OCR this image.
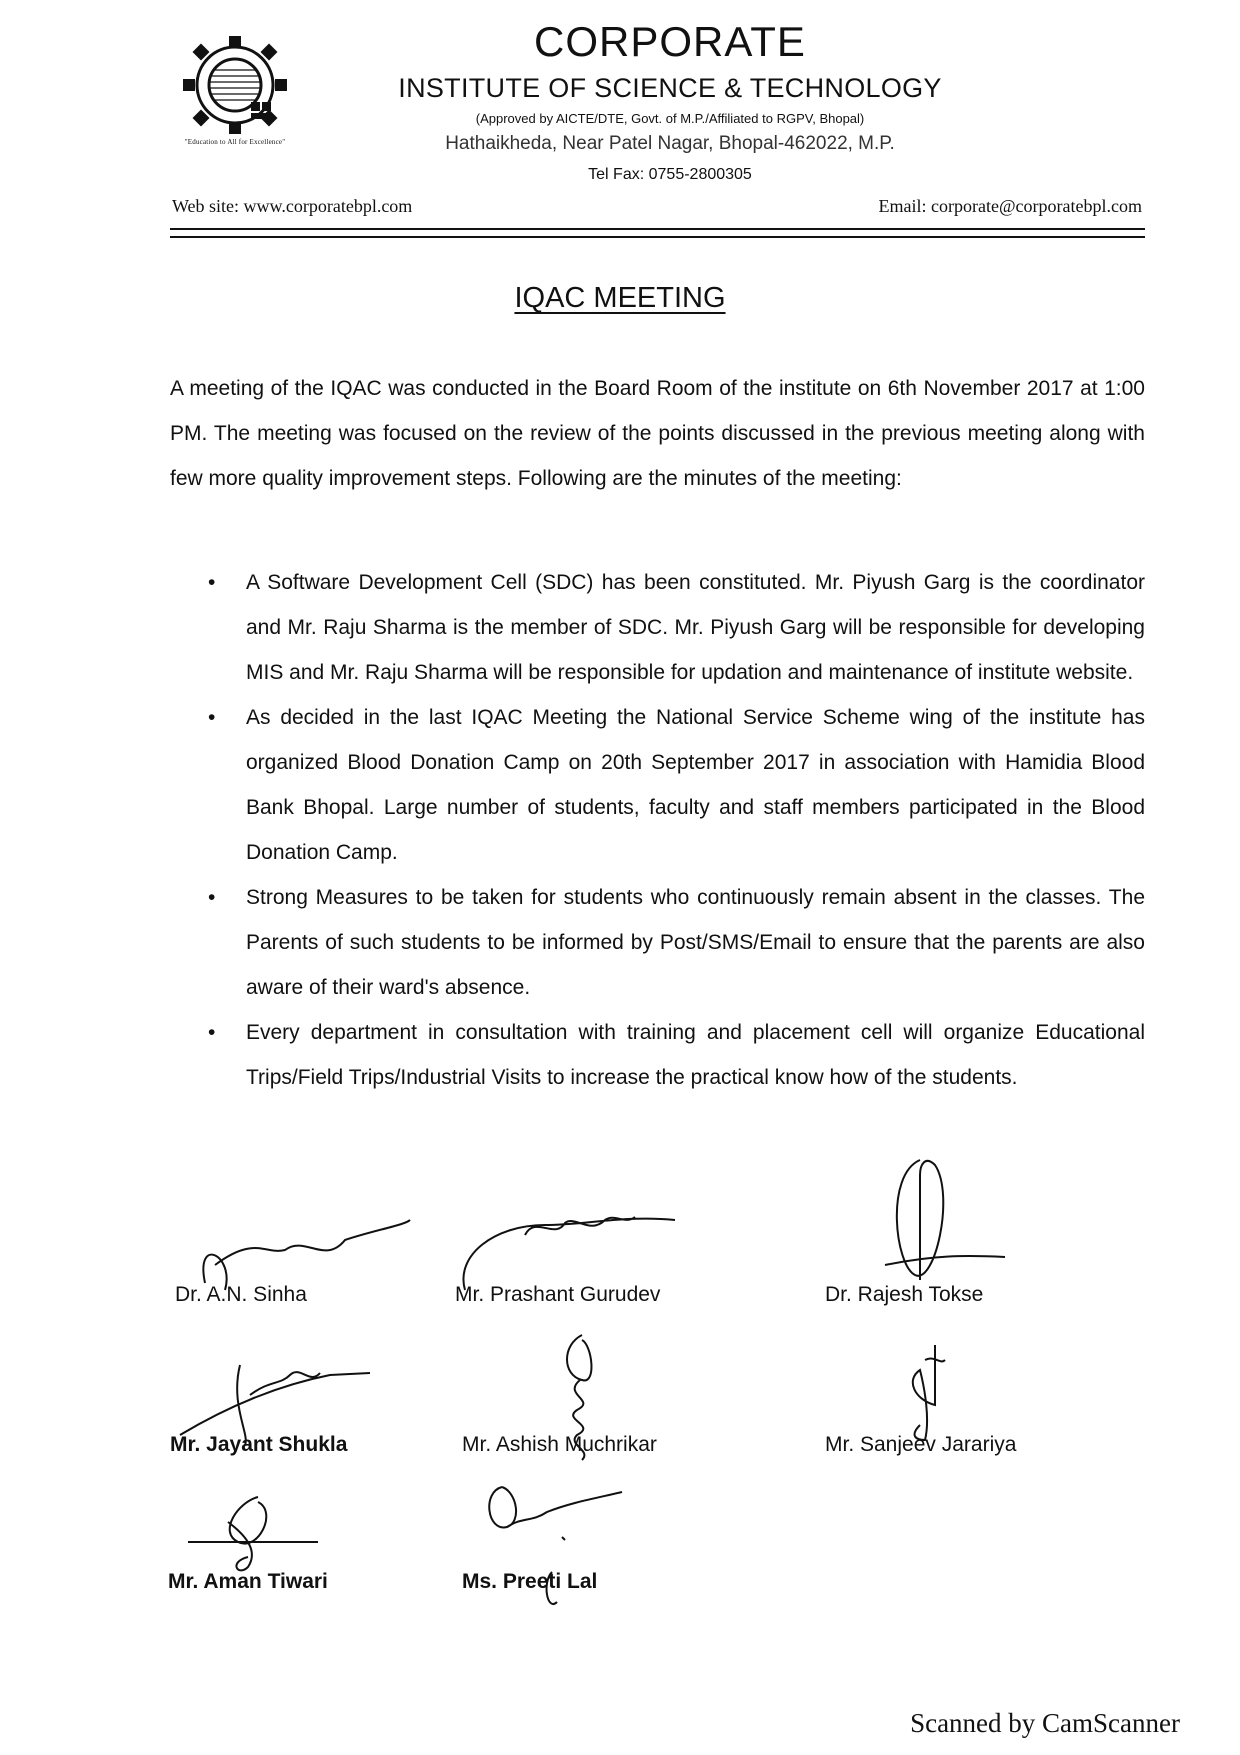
"Education to All for Excellence"
CORPORATE
INSTITUTE OF SCIENCE & TECHNOLOGY
(Approved by AICTE/DTE, Govt. of M.P./Affiliated to RGPV, Bhopal)
Hathaikheda, Near Patel Nagar, Bhopal-462022, M.P.
Tel Fax: 0755-2800305
Web site: www.corporatebpl.com	Email: corporate@corporatebpl.com
IQAC MEETING

A meeting of the IQAC was conducted in the Board Room of the institute on 6th November 2017 at 1:00 PM. The meeting was focused on the review of the points discussed in the previous meeting along with few more quality improvement steps. Following are the minutes of the meeting:

• A Software Development Cell (SDC) has been constituted. Mr. Piyush Garg is the coordinator and Mr. Raju Sharma is the member of SDC. Mr. Piyush Garg will be responsible for developing MIS and Mr. Raju Sharma will be responsible for updation and maintenance of institute website.
• As decided in the last IQAC Meeting the National Service Scheme wing of the institute has organized Blood Donation Camp on 20th September 2017 in association with Hamidia Blood Bank Bhopal. Large number of students, faculty and staff members participated in the Blood Donation Camp.
• Strong Measures to be taken for students who continuously remain absent in the classes. The Parents of such students to be informed by Post/SMS/Email to ensure that the parents are also aware of their ward's absence.
• Every department in consultation with training and placement cell will organize Educational Trips/Field Trips/Industrial Visits to increase the practical know how of the students.
Dr. A.N. Sinha	Mr. Prashant Gurudev	Dr. Rajesh Tokse
Mr. Jayant Shukla	Mr. Ashish Muchrikar	Mr. Sanjeev Jarariya
Mr. Aman Tiwari	Ms. Preeti Lal
Scanned by CamScanner
